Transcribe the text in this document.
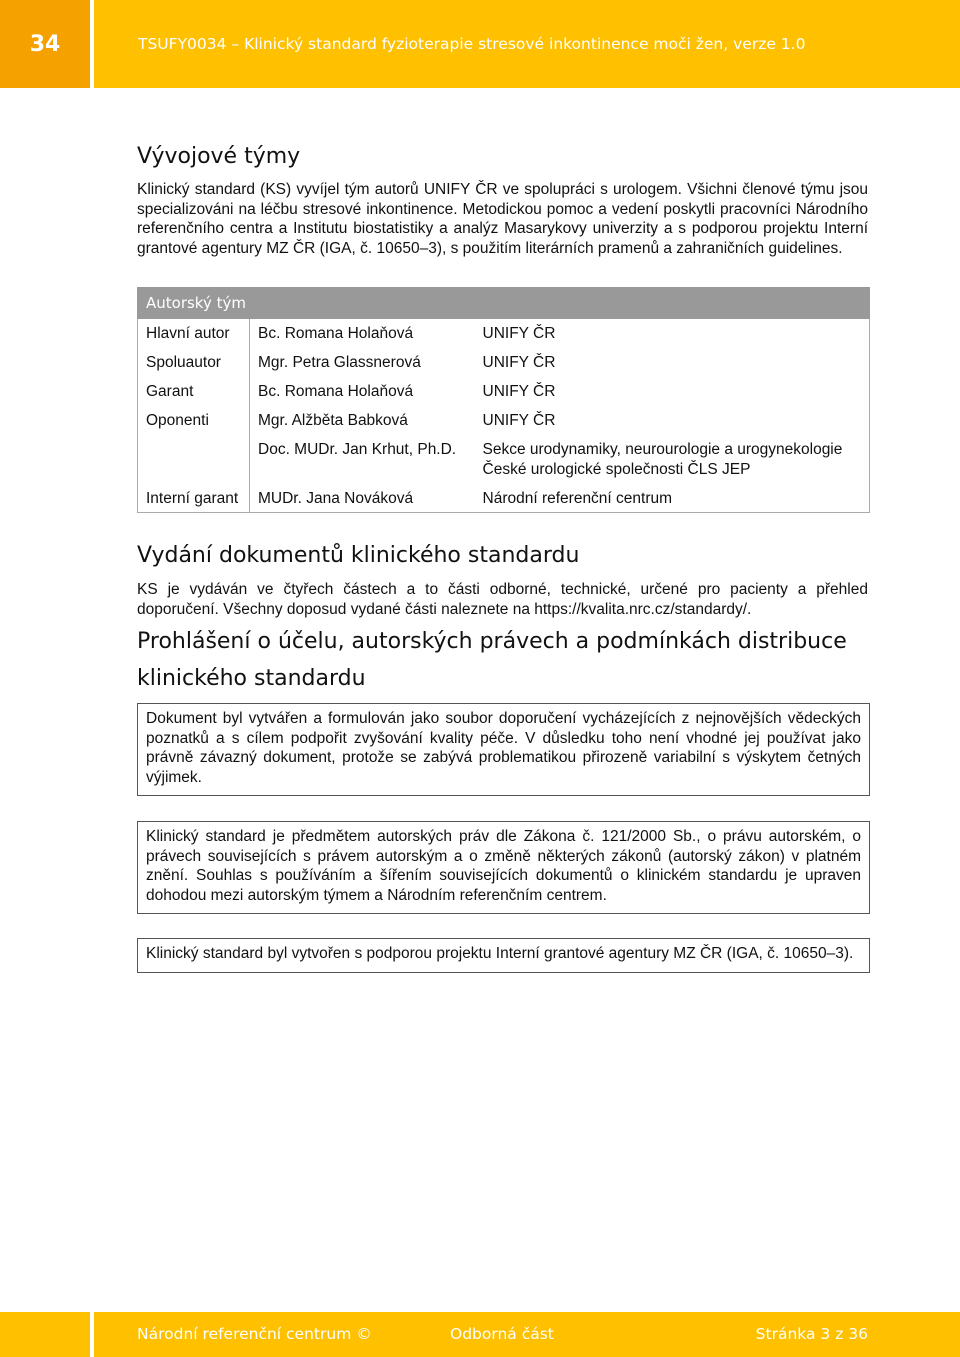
34	TSUFY0034 – Klinický standard fyzioterapie stresové inkontinence moči žen, verze 1.0
Vývojové týmy

Klinický standard (KS) vyvíjel tým autorů UNIFY ČR ve spolupráci s urologem. Všichni členové týmu jsou specializováni na léčbu stresové inkontinence. Metodickou pomoc a vedení poskytli pracovníci Národního referenčního centra a Institutu biostatistiky a analýz Masarykovy univerzity a s podporou projektu Interní grantové agentury MZ ČR (IGA, č. 10650–3), s použitím literárních pramenů a zahraničních guidelines.

Autorský tým		
Hlavní autor	Bc. Romana Holaňová	UNIFY ČR
Spoluautor	Mgr. Petra Glassnerová	UNIFY ČR
Garant	Bc. Romana Holaňová	UNIFY ČR
Oponenti	Mgr. Alžběta Babková	UNIFY ČR
	Doc. MUDr. Jan Krhut, Ph.D.	Sekce urodynamiky, neurourologie a urogynekologie České urologické společnosti ČLS JEP
Interní garant	MUDr. Jana Nováková	Národní referenční centrum
Vydání dokumentů klinického standardu

KS je vydáván ve čtyřech částech a to části odborné, technické, určené pro pacienty a přehled doporučení. Všechny doposud vydané části naleznete na https://kvalita.nrc.cz/standardy/.

Prohlášení o účelu, autorských právech a podmínkách distribuce
klinického standardu
Dokument byl vytvářen a formulován jako soubor doporučení vycházejících z nejnovějších vědeckých poznatků a s cílem podpořit zvyšování kvality péče. V důsledku toho není vhodné jej používat jako právně závazný dokument, protože se zabývá problematikou přirozeně variabilní s výskytem četných výjimek.
Klinický standard je předmětem autorských práv dle Zákona č. 121/2000 Sb., o právu autorském, o právech souvisejících s právem autorským a o změně některých zákonů (autorský zákon) v platném znění. Souhlas s používáním a šířením souvisejících dokumentů o klinickém standardu je upraven dohodou mezi autorským týmem a Národním referenčním centrem.
Klinický standard byl vytvořen s podporou projektu Interní grantové agentury MZ ČR (IGA, č. 10650–3).
Národní referenční centrum ©	Odborná část	Stránka 3 z 36
